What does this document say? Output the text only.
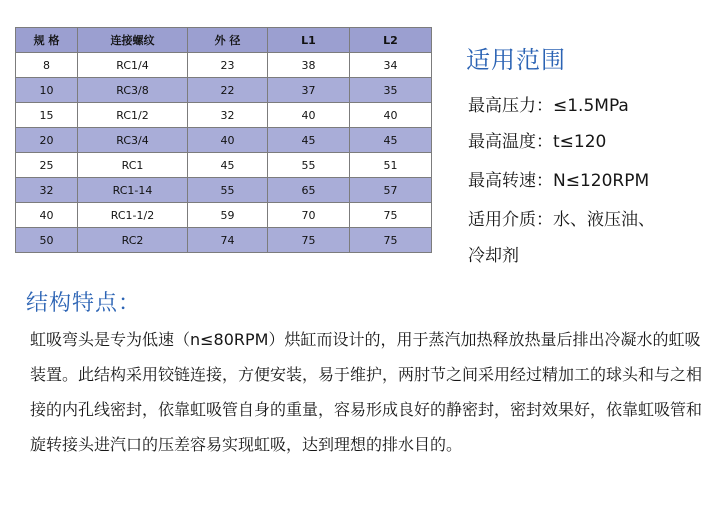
规 格	连接螺纹	外 径	L1	L2
8	RC1/4	23	38	34
10	RC3/8	22	37	35
15	RC1/2	32	40	40
20	RC3/4	40	45	45
25	RC1	45	55	51
32	RC1-14	55	65	57
40	RC1-1/2	59	70	75
50	RC2	74	75	75
适用范围
最高压力：≤1.5MPa
最高温度：t≤120
最高转速：N≤120RPM
适用介质：水、液压油、
冷却剂
结构特点：

虹吸弯头是专为低速（n≤80RPM）烘缸而设计的，用于蒸汽加热释放热量后排出冷凝水的虹吸装置。此结构采用铰链连接，方便安装，易于维护，两肘节之间采用经过精加工的球头和与之相接的内孔线密封，依靠虹吸管自身的重量，容易形成良好的静密封，密封效果好，依靠虹吸管和旋转接头进汽口的压差容易实现虹吸，达到理想的排水目的。
